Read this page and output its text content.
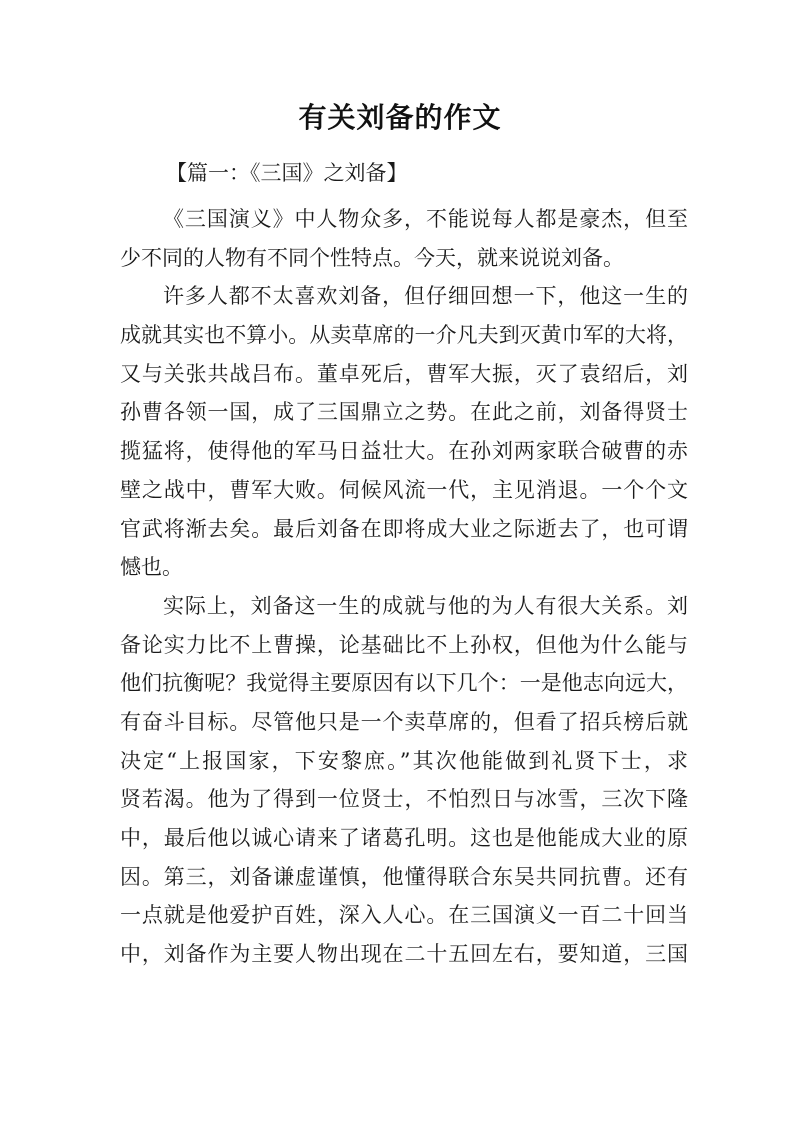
有关刘备的作文
【篇一：《三国》之刘备】
《三国演义》中人物众多，不能说每人都是豪杰，但至
少不同的人物有不同个性特点。今天，就来说说刘备。
许多人都不太喜欢刘备，但仔细回想一下，他这一生的
成就其实也不算小。从卖草席的一介凡夫到灭黄巾军的大将，
又与关张共战吕布。董卓死后，曹军大振，灭了袁绍后，刘
孙曹各领一国，成了三国鼎立之势。在此之前，刘备得贤士
揽猛将，使得他的军马日益壮大。在孙刘两家联合破曹的赤
壁之战中，曹军大败。伺候风流一代，主见消退。一个个文
官武将渐去矣。最后刘备在即将成大业之际逝去了，也可谓
憾也。
实际上，刘备这一生的成就与他的为人有很大关系。刘
备论实力比不上曹操，论基础比不上孙权，但他为什么能与
他们抗衡呢？我觉得主要原因有以下几个：一是他志向远大，
有奋斗目标。尽管他只是一个卖草席的，但看了招兵榜后就
决定“上报国家，下安黎庶。”其次他能做到礼贤下士，求
贤若渴。他为了得到一位贤士，不怕烈日与冰雪，三次下隆
中，最后他以诚心请来了诸葛孔明。这也是他能成大业的原
因。第三，刘备谦虚谨慎，他懂得联合东吴共同抗曹。还有
一点就是他爱护百姓，深入人心。在三国演义一百二十回当
中，刘备作为主要人物出现在二十五回左右，要知道，三国
